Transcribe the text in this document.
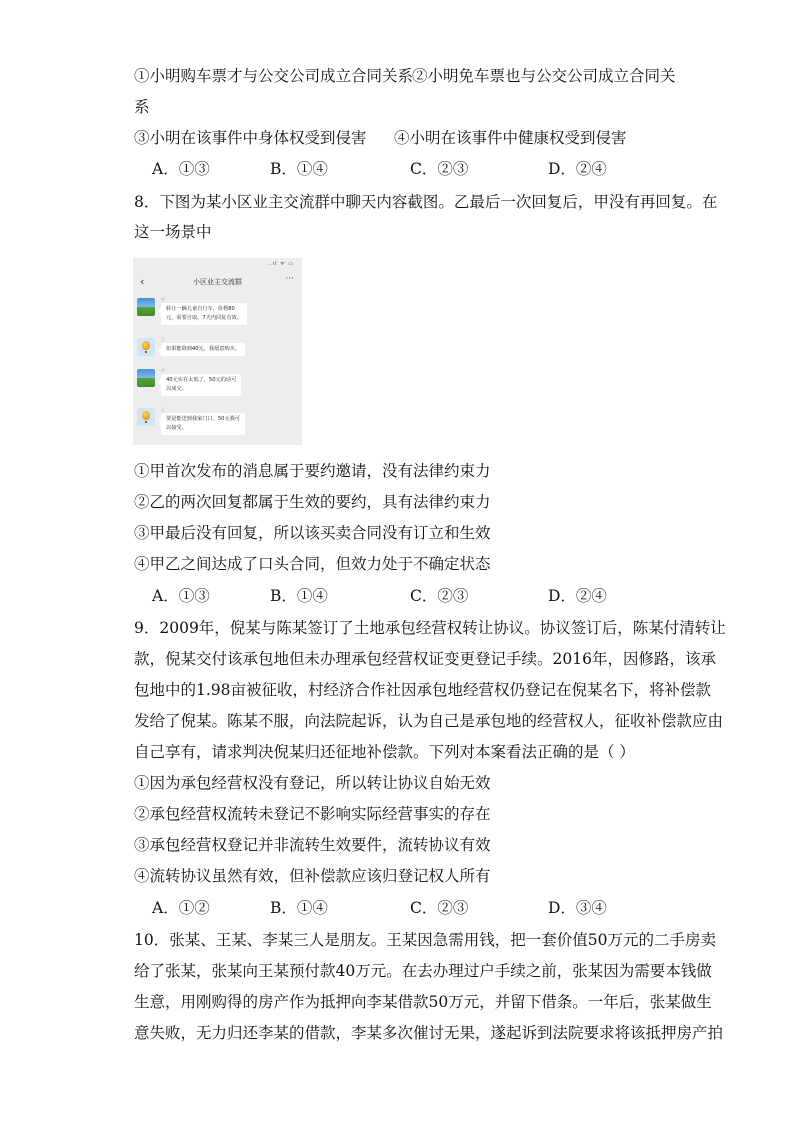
①小明购车票才与公交公司成立合同关系
②小明免车票也与公交公司成立合同关
系
③小明在该事件中身体权受到侵害	④小明在该事件中健康权受到侵害
A．①③	B．①④	C．②③	D．②④
8．下图为某小区业主交流群中聊天内容截图。乙最后一次回复后，甲没有再回复。在
这一场景中
..ıl ᯤ ▭
‹	小区业主交流群	···
甲
转让一辆儿童自行车，价格80
元，需要自取，7天内回复有效。
乙
如果能降到40元，我愿意购买。
甲
40元实在太低了，50元的话可
以成交。
乙
要是能送到我家门口，50元我可
以接受。
①甲首次发布的消息属于要约邀请，没有法律约束力
②乙的两次回复都属于生效的要约，具有法律约束力
③甲最后没有回复，所以该买卖合同没有订立和生效
④甲乙之间达成了口头合同，但效力处于不确定状态
A．①③	B．①④	C．②③	D．②④
9．2009年，倪某与陈某签订了土地承包经营权转让协议。协议签订后，陈某付清转让
款，倪某交付该承包地但未办理承包经营权证变更登记手续。2016年，因修路，该承
包地中的1.98亩被征收，村经济合作社因承包地经营权仍登记在倪某名下，将补偿款
发给了倪某。陈某不服，向法院起诉，认为自己是承包地的经营权人，征收补偿款应由
自己享有，请求判决倪某归还征地补偿款。下列对本案看法正确的是（ ）
①因为承包经营权没有登记，所以转让协议自始无效
②承包经营权流转未登记不影响实际经营事实的存在
③承包经营权登记并非流转生效要件，流转协议有效
④流转协议虽然有效，但补偿款应该归登记权人所有
A．①②	B．①④	C．②③	D．③④
10．张某、王某、李某三人是朋友。王某因急需用钱，把一套价值50万元的二手房卖
给了张某，张某向王某预付款40万元。在去办理过户手续之前，张某因为需要本钱做
生意，用刚购得的房产作为抵押向李某借款50万元，并留下借条。一年后，张某做生
意失败，无力归还李某的借款，李某多次催讨无果，遂起诉到法院要求将该抵押房产拍
